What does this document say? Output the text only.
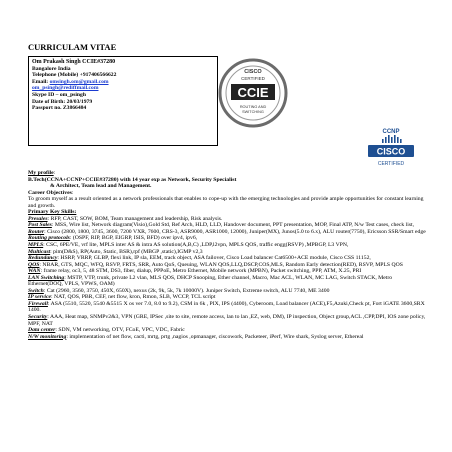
CURRICULAM VITAE
Om Prakash Singh CCIE#37280
Bangalore India
Telephone (Mobile) +917406566622
Email: omsingh.om@gmail.com
om_psingh@rediffmail.com
Skype ID – om_psingh
Date of Birth: 20/03/1979
Passport no. Z3866484
CISCO
CERTIFIED
CCIE
ROUTING AND
SWITCHING
CCNP
CISCO
CERTIFIED

My profile:

B.Tech(CCNA+CCNP+CCIE#37280) with 14 year exp as Network, Security Specialist

& Architect, Team lead and Management.

Career Objectives:

To groom myself as a result oriented as a network professionals that enables to cope-up with the emerging technologies and provide ample opportunities for constant learning and growth.

Primary Key Skills:

Presales: RFP, CAST, SOW, BOM, Team management and leadership, Risk analysis.

Post Sales: MSS, Wire list, Network diagram(Visio),Gold Std, Ref Arch, HLD, LLD, Handover document, PPT presentation, MOP, Final ATP, N/w Test cases, check list,

Router: Cisco (2800, 1800, 3745, 3600, 7200 VXR, 7600, CRS-3, ASR9000, ASR1000, 12000), Juniper(MX), Junos(5.0 to 6.x), ALU router(7750), Ericsson SSR/Smart edge

Routing protocols: (OSPF, RIP, BGP, EIGRP, ISIS, BFD) over ipv4, ipv6,

MPLS: CSC, 6PE/VE, vrf lite, MPLS inter AS & intra AS solution(A,B,C) ,LDP,l2vpn, MPLS QOS, traffic engg(RSVP) ,MPBGP, L3 VPN,

Multicast: pim(D&S), RP(Auto, Static, BSR),rpf (MBGP ,static),IGMP v2,3

Redundancy: HSRP, VRRP, GLBP, flexi link, IP sla, EEM, track object, ASA failover, Cisco Load balancer Cat6500+ACE module, Cisco CSS 11152,

QOS: NBAR, GTS, MQC, WFQ, RSVP, FRTS, SRR, Auto QoS, Queuing, WLAN QOS,LLQ,DSCP,COS,MLS, Random Early detection(RED), RSVP, MPLS QOS

WAN: frame relay, oc3, 5, 48 STM, DS3, fiber, dialup, PPPoE, Metro Ethernet, Mobile network (MPBN), Packet switching, PPP, ATM, X.25, PRI

LAN Switching: MSTP, VTP, trunk, private L2 vlan, MLS QOS, DHCP Snooping, Ether channel, Macro, Mac ACL, WLAN, MC LAG, Switch STACK, Metro Ethernet(DOQ, VPLS, VPWS, OAM)

Switch: Cat (2960, 3560, 3750, 450X, 650X), nexus (2k, 9k, 5k, 7k 10000V). Juniper Switch, Extreme switch, ALU 7740, ME 3400

IP service: NAT, QOS, PBR, CEF, net flow, kron, Rmon, SLB, WCCP, TCL script

Firewall: ASA (5510, 5520, 5540 &5515 X os ver 7.0, 8.0 to 9.2), CSM in 6k , PIX, IPS (4400), Cyberoom, Load balancer (ACE),F5,Azuki,Check pt, Fort iGATE 3600,SRX 1400.

Security: AAA, Heat map, SNMPv2&3, VPN (GRE, IPSec ,site to site, remote access, lan to lan ,EZ, web, DM), IP inspection, Object group,ACL ,CPP,DPI, IOS zone policy, MPF, NAT

Data center: SDN, VM networking, OTV, FCoE, VPC, VDC, Fabric

N/W monitoring: implementation of net flow, cacti, mrtg, prtg ,nagios ,opmanager, ciscowork, Packeteer, iPerf, Wire shark, Syslog server, Ethereal
